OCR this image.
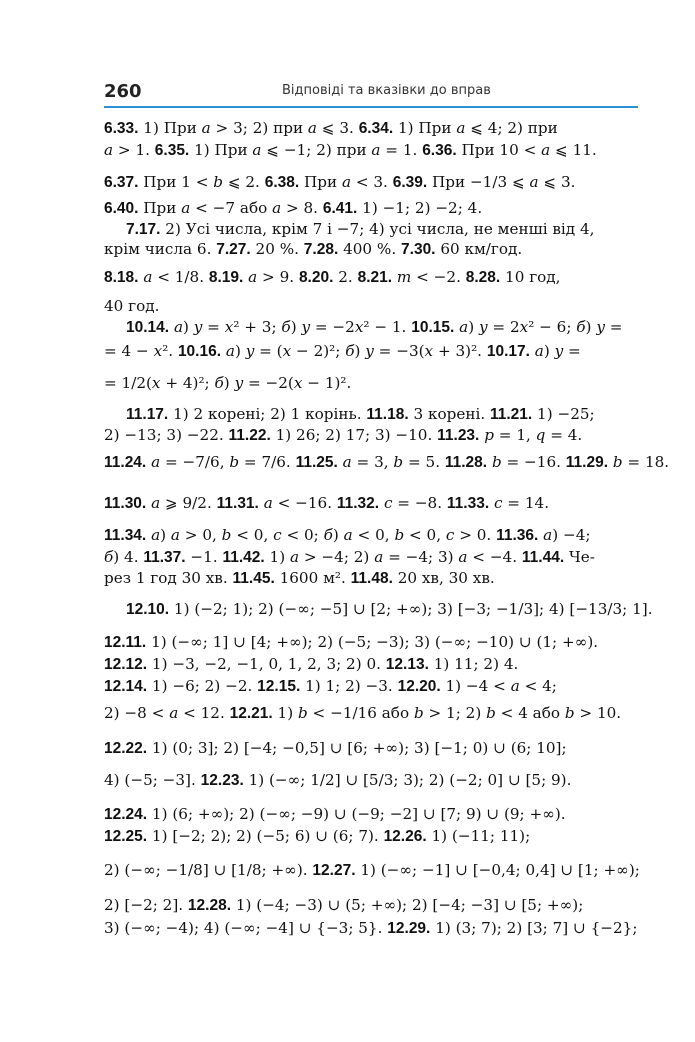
260	Відповіді та вказівки до вправ
6.33. 1) При a > 3; 2) при a ⩽ 3. 6.34. 1) При a ⩽ 4; 2) при
a > 1. 6.35. 1) При a ⩽ −1; 2) при a = 1. 6.36. При 10 < a ⩽ 11.
6.37. При 1 < b ⩽ 2. 6.38. При a < 3. 6.39. При −1/3 ⩽ a ⩽ 3.
6.40. При a < −7 або a > 8. 6.41. 1) −1; 2) −2; 4.
7.17. 2) Усі числа, крім 7 і −7; 4) усі числа, не менші від 4,
крім числа 6. 7.27. 20 %. 7.28. 400 %. 7.30. 60 км/год.
8.18. a < 1/8. 8.19. a > 9. 8.20. 2. 8.21. m < −2. 8.28. 10 год,
40 год.
10.14. а) y = x² + 3; б) y = −2x² − 1. 10.15. а) y = 2x² − 6; б) y =
= 4 − x². 10.16. а) y = (x − 2)²; б) y = −3(x + 3)². 10.17. а) y =
= 1/2(x + 4)²; б) y = −2(x − 1)².
11.17. 1) 2 корені; 2) 1 корінь. 11.18. 3 корені. 11.21. 1) −25;
2) −13; 3) −22. 11.22. 1) 26; 2) 17; 3) −10. 11.23. p = 1, q = 4.
11.24. a = −7/6, b = 7/6. 11.25. a = 3, b = 5. 11.28. b = −16. 11.29. b = 18.
11.30. a ⩾ 9/2. 11.31. a < −16. 11.32. c = −8. 11.33. c = 14.
11.34. а) a > 0, b < 0, c < 0; б) a < 0, b < 0, c > 0. 11.36. а) −4;
б) 4. 11.37. −1. 11.42. 1) a > −4; 2) a = −4; 3) a < −4. 11.44. Че-
рез 1 год 30 хв. 11.45. 1600 м². 11.48. 20 хв, 30 хв.
12.10. 1) (−2; 1); 2) (−∞; −5] ∪ [2; +∞); 3) [−3; −1/3]; 4) [−13/3; 1].
12.11. 1) (−∞; 1] ∪ [4; +∞); 2) (−5; −3); 3) (−∞; −10) ∪ (1; +∞).
12.12. 1) −3, −2, −1, 0, 1, 2, 3; 2) 0. 12.13. 1) 11; 2) 4.
12.14. 1) −6; 2) −2. 12.15. 1) 1; 2) −3. 12.20. 1) −4 < a < 4;
2) −8 < a < 12. 12.21. 1) b < −1/16 або b > 1; 2) b < 4 або b > 10.
12.22. 1) (0; 3]; 2) [−4; −0,5] ∪ [6; +∞); 3) [−1; 0) ∪ (6; 10];
4) (−5; −3]. 12.23. 1) (−∞; 1/2] ∪ [5/3; 3); 2) (−2; 0] ∪ [5; 9).
12.24. 1) (6; +∞); 2) (−∞; −9) ∪ (−9; −2] ∪ [7; 9) ∪ (9; +∞).
12.25. 1) [−2; 2); 2) (−5; 6) ∪ (6; 7). 12.26. 1) (−11; 11);
2) (−∞; −1/8] ∪ [1/8; +∞). 12.27. 1) (−∞; −1] ∪ [−0,4; 0,4] ∪ [1; +∞);
2) [−2; 2]. 12.28. 1) (−4; −3) ∪ (5; +∞); 2) [−4; −3] ∪ [5; +∞);
3) (−∞; −4); 4) (−∞; −4] ∪ {−3; 5}. 12.29. 1) (3; 7); 2) [3; 7] ∪ {−2};
